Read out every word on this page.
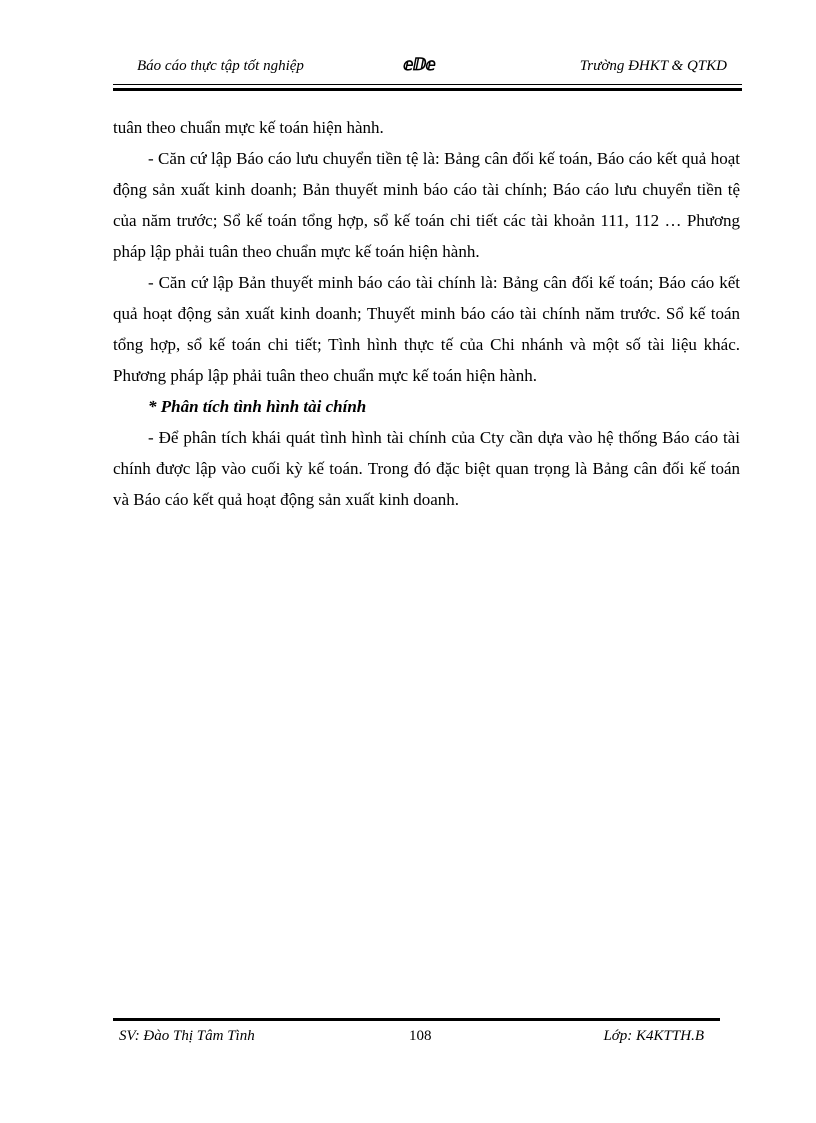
Báo cáo thực tập tốt nghiệp	ⅇⅅⅇ	Trường ĐHKT & QTKD

tuân theo chuẩn mực kế toán hiện hành.

- Căn cứ lập Báo cáo lưu chuyển tiền tệ là: Bảng cân đối kế toán, Báo cáo kết quả hoạt động sản xuất kinh doanh; Bản thuyết minh báo cáo tài chính; Báo cáo lưu chuyển tiền tệ của năm trước; Sổ kế toán tổng hợp, sổ kế toán chi tiết các tài khoản 111, 112 … Phương pháp lập phải tuân theo chuẩn mực kế toán hiện hành.

- Căn cứ lập Bản thuyết minh báo cáo tài chính là: Bảng cân đối kế toán; Báo cáo kết quả hoạt động sản xuất kinh doanh; Thuyết minh báo cáo tài chính năm trước. Sổ kế toán tổng hợp, sổ kế toán chi tiết; Tình hình thực tế của Chi nhánh và một số tài liệu khác. Phương pháp lập phải tuân theo chuẩn mực kế toán hiện hành.

* Phân tích tình hình tài chính

- Để phân tích khái quát tình hình tài chính của Cty cần dựa vào hệ thống Báo cáo tài chính được lập vào cuối kỳ kế toán. Trong đó đặc biệt quan trọng là Bảng cân đối kế toán và Báo cáo kết quả hoạt động sản xuất kinh doanh.

SV: Đào Thị Tâm Tình	108	Lớp: K4KTTH.B
